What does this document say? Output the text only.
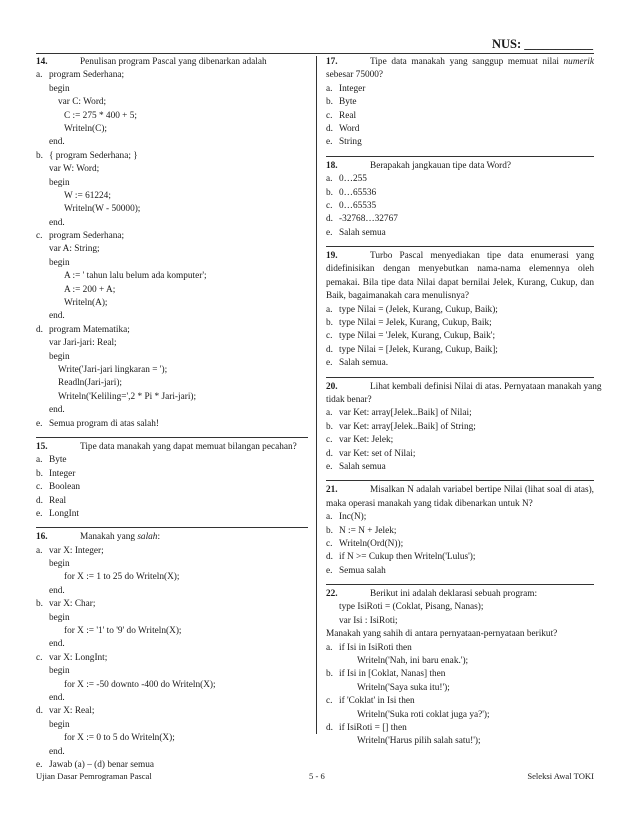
NUS: ___________
14.	Penulisan program Pascal yang dibenarkan adalah
a. program Sederhana;
begin
var C: Word;
C := 275 * 400 + 5;
Writeln(C);
end.
b. { program Sederhana; }
var W: Word;
begin
W := 61224;
Writeln(W - 50000);
end.
c. program Sederhana;
var A: String;
begin
A := ' tahun lalu belum ada komputer';
A := 200 + A;
Writeln(A);
end.
d. program Matematika;
var Jari-jari: Real;
begin
Write('Jari-jari lingkaran = ');
Readln(Jari-jari);
Writeln('Keliling=',2 * Pi * Jari-jari);
end.
e. Semua program di atas salah!
15.	Tipe data manakah yang dapat memuat bilangan pecahan?
a. Byte
b. Integer
c. Boolean
d. Real
e. LongInt
16.	Manakah yang salah:
a. var X: Integer;
begin
for X := 1 to 25 do Writeln(X);
end.
b. var X: Char;
begin
for X := '1' to '9' do Writeln(X);
end.
c. var X: LongInt;
begin
for X := -50 downto -400 do Writeln(X);
end.
d. var X: Real;
begin
for X := 0 to 5 do Writeln(X);
end.
e. Jawab (a) – (d) benar semua
17.	Tipe data manakah yang sanggup memuat nilai numerik
sebesar 75000?
a. Integer
b. Byte
c. Real
d. Word
e. String
18.	Berapakah jangkauan tipe data Word?
a. 0…255
b. 0…65536
c. 0…65535
d. -32768…32767
e. Salah semua
19.	Turbo Pascal menyediakan tipe data enumerasi yang
didefinisikan dengan menyebutkan nama-nama elemennya oleh
pemakai. Bila tipe data Nilai dapat bernilai Jelek, Kurang, Cukup, dan
Baik, bagaimanakah cara menulisnya?
a. type Nilai = (Jelek, Kurang, Cukup, Baik);
b. type Nilai = Jelek, Kurang, Cukup, Baik;
c. type Nilai = 'Jelek, Kurang, Cukup, Baik';
d. type Nilai = [Jelek, Kurang, Cukup, Baik];
e. Salah semua.
20.	Lihat kembali definisi Nilai di atas. Pernyataan manakah yang
tidak benar?
a. var Ket: array[Jelek..Baik] of Nilai;
b. var Ket: array[Jelek..Baik] of String;
c. var Ket: Jelek;
d. var Ket: set of Nilai;
e. Salah semua
21.	Misalkan N adalah variabel bertipe Nilai (lihat soal di atas),
maka operasi manakah yang tidak dibenarkan untuk N?
a. Inc(N);
b. N := N + Jelek;
c. Writeln(Ord(N));
d. if N >= Cukup then Writeln('Lulus');
e. Semua salah
22.	Berikut ini adalah deklarasi sebuah program:
type IsiRoti = (Coklat, Pisang, Nanas);
var Isi : IsiRoti;
Manakah yang sahih di antara pernyataan-pernyataan berikut?
a. if Isi in IsiRoti then
Writeln('Nah, ini baru enak.');
b. if Isi in [Coklat, Nanas] then
Writeln('Saya suka itu!');
c. if 'Coklat' in Isi then
Writeln('Suka roti coklat juga ya?');
d. if IsiRoti = [] then
Writeln('Harus pilih salah satu!');
Ujian Dasar Pemrograman Pascal	5 - 6	Seleksi Awal TOKI
